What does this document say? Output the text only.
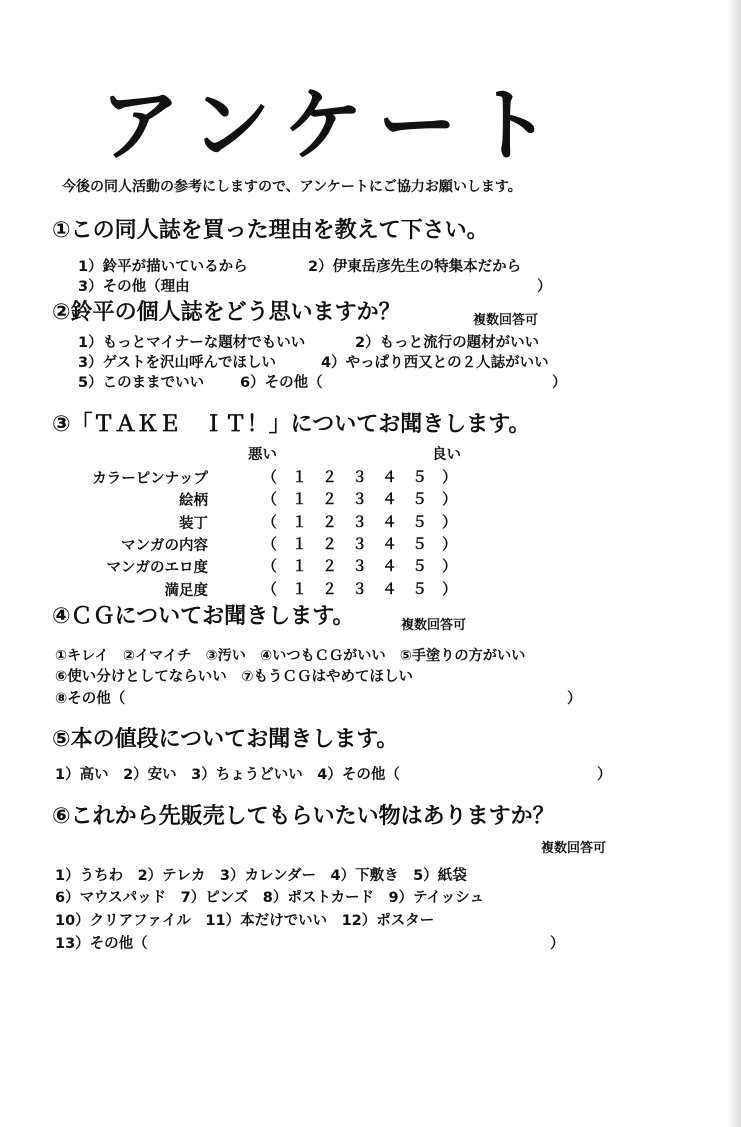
アンケート
今後の同人活動の参考にしますので、アンケートにご協力お願いします。
①この同人誌を買った理由を教えて下さい。
1）鈴平が描いているから	2）伊東岳彦先生の特集本だから
3）その他（理由	）
②鈴平の個人誌をどう思いますか？	複数回答可
1）もっとマイナーな題材でもいい	2）もっと流行の題材がいい
3）ゲストを沢山呼んでほしい	4）やっぱり西又との２人誌がいい
5）このままでいい 6）その他（	）
③「ＴＡＫＥ　ＩＴ！」についてお聞きします。
悪い	良い
カラーピンナップ	（　１　２　３　４　５　）
絵柄	（　１　２　３　４　５　）
装丁	（　１　２　３　４　５　）
マンガの内容	（　１　２　３　４　５　）
マンガのエロ度	（　１　２　３　４　５　）
満足度	（　１　２　３　４　５　）
④ＣＧについてお聞きします。	複数回答可
①キレイ　②イマイチ　③汚い　④いつもＣＧがいい　⑤手塗りの方がいい
⑥使い分けとしてならいい　⑦もうＣＧはやめてほしい
⑧その他（	）
⑤本の値段についてお聞きします。
1）高い　2）安い　3）ちょうどいい　4）その他（	）
⑥これから先販売してもらいたい物はありますか？
複数回答可
1）うちわ　2）テレカ　3）カレンダー　4）下敷き　5）紙袋
6）マウスパッド　7）ピンズ　8）ポストカード　9）テイッシュ
10）クリアファイル　11）本だけでいい　12）ポスター
13）その他（	）
